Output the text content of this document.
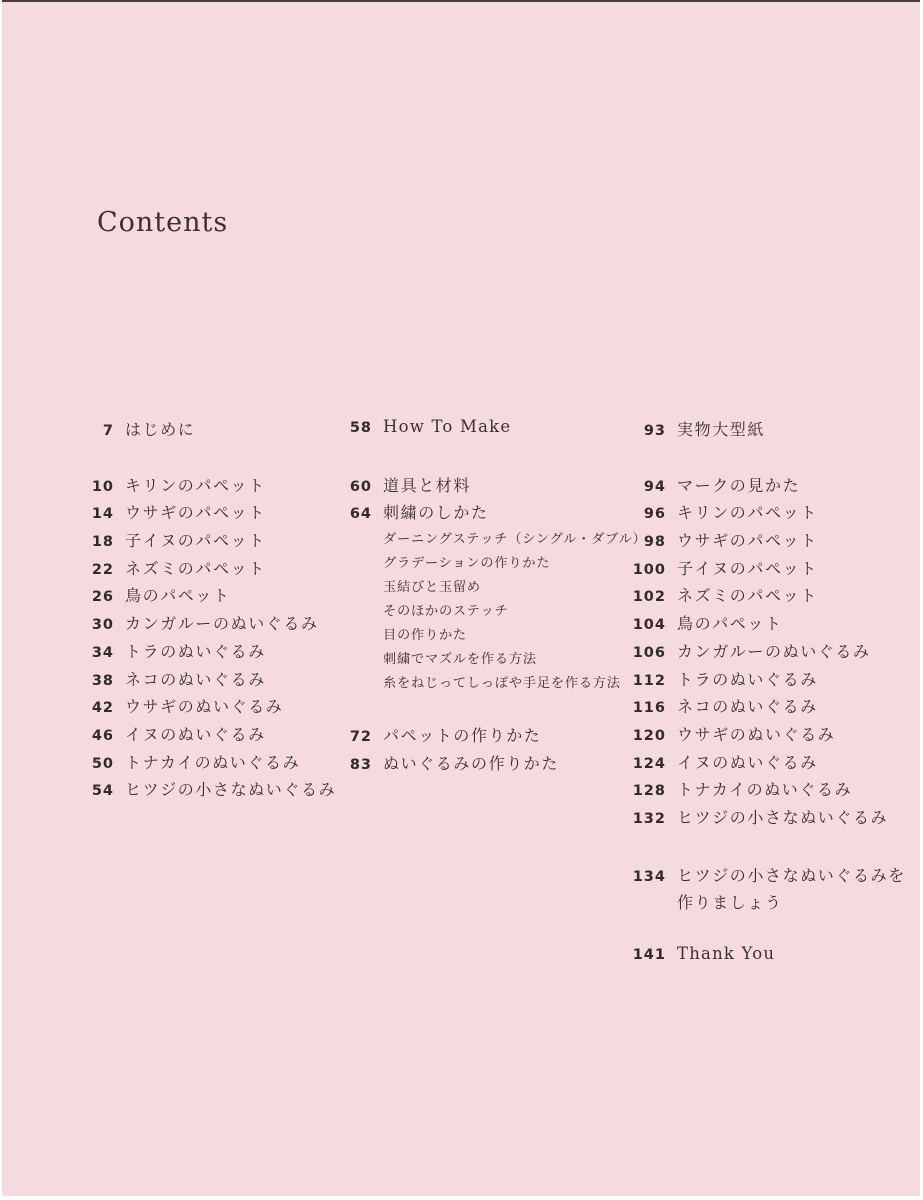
Contents
7 はじめに
10 キリンのパペット
14 ウサギのパペット
18 子イヌのパペット
22 ネズミのパペット
26 鳥のパペット
30 カンガルーのぬいぐるみ
34 トラのぬいぐるみ
38 ネコのぬいぐるみ
42 ウサギのぬいぐるみ
46 イヌのぬいぐるみ
50 トナカイのぬいぐるみ
54 ヒツジの小さなぬいぐるみ
58 How To Make
60 道具と材料
64 刺繍のしかた
ダーニングステッチ（シングル・ダブル）
グラデーションの作りかた
玉結びと玉留め
そのほかのステッチ
目の作りかた
刺繍でマズルを作る方法
糸をねじってしっぽや手足を作る方法
72 パペットの作りかた
83 ぬいぐるみの作りかた
93 実物大型紙
94 マークの見かた
96 キリンのパペット
98 ウサギのパペット
100 子イヌのパペット
102 ネズミのパペット
104 鳥のパペット
106 カンガルーのぬいぐるみ
112 トラのぬいぐるみ
116 ネコのぬいぐるみ
120 ウサギのぬいぐるみ
124 イヌのぬいぐるみ
128 トナカイのぬいぐるみ
132 ヒツジの小さなぬいぐるみ
134 ヒツジの小さなぬいぐるみを
作りましょう
141 Thank You
